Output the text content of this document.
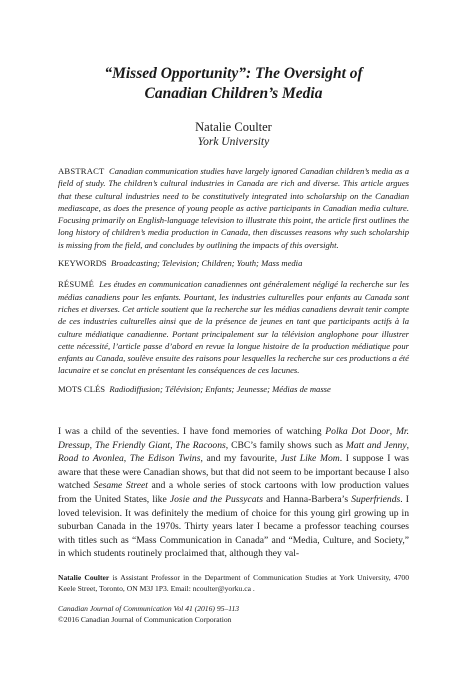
“Missed Opportunity”: The Oversight of
Canadian Children’s Media
Natalie Coulter
York University

ABSTRACT Canadian communication studies have largely ignored Canadian children’s media as a field of study. The children’s cultural industries in Canada are rich and diverse. This article argues that these cultural industries need to be constitutively integrated into scholarship on the Canadian mediascape, as does the presence of young people as active participants in Canadian media culture. Focusing primarily on English-language television to illustrate this point, the article first outlines the long history of children’s media production in Canada, then discusses reasons why such scholarship is missing from the field, and concludes by outlining the impacts of this oversight.

KEYWORDS Broadcasting; Television; Children; Youth; Mass media

RÉSUMÉ Les études en communication canadiennes ont généralement négligé la recherche sur les médias canadiens pour les enfants. Pourtant, les industries culturelles pour enfants au Canada sont riches et diverses. Cet article soutient que la recherche sur les médias canadiens devrait tenir compte de ces industries culturelles ainsi que de la présence de jeunes en tant que participants actifs à la culture médiatique canadienne. Portant principalement sur la télévision anglophone pour illustrer cette nécessité, l’article passe d’abord en revue la longue histoire de la production médiatique pour enfants au Canada, soulève ensuite des raisons pour lesquelles la recherche sur ces productions a été lacunaire et se conclut en présentant les conséquences de ces lacunes.

MOTS CLÉS Radiodiffusion; Télévision; Enfants; Jeunesse; Médias de masse

I was a child of the seventies. I have fond memories of watching Polka Dot Door, Mr. Dressup, The Friendly Giant, The Racoons, CBC’s family shows such as Matt and Jenny, Road to Avonlea, The Edison Twins, and my favourite, Just Like Mom. I suppose I was aware that these were Canadian shows, but that did not seem to be important because I also watched Sesame Street and a whole series of stock cartoons with low production values from the United States, like Josie and the Pussycats and Hanna-Barbera’s Superfriends. I loved television. It was definitely the medium of choice for this young girl growing up in suburban Canada in the 1970s. Thirty years later I became a professor teaching courses with titles such as “Mass Communication in Canada” and “Media, Culture, and Society,” in which students routinely proclaimed that, although they val-

Natalie Coulter is Assistant Professor in the Department of Communication Studies at York University, 4700 Keele Street, Toronto, ON M3J 1P3. Email: ncoulter@yorku.ca .
Canadian Journal of Communication Vol 41 (2016) 95–113
©2016 Canadian Journal of Communication Corporation
